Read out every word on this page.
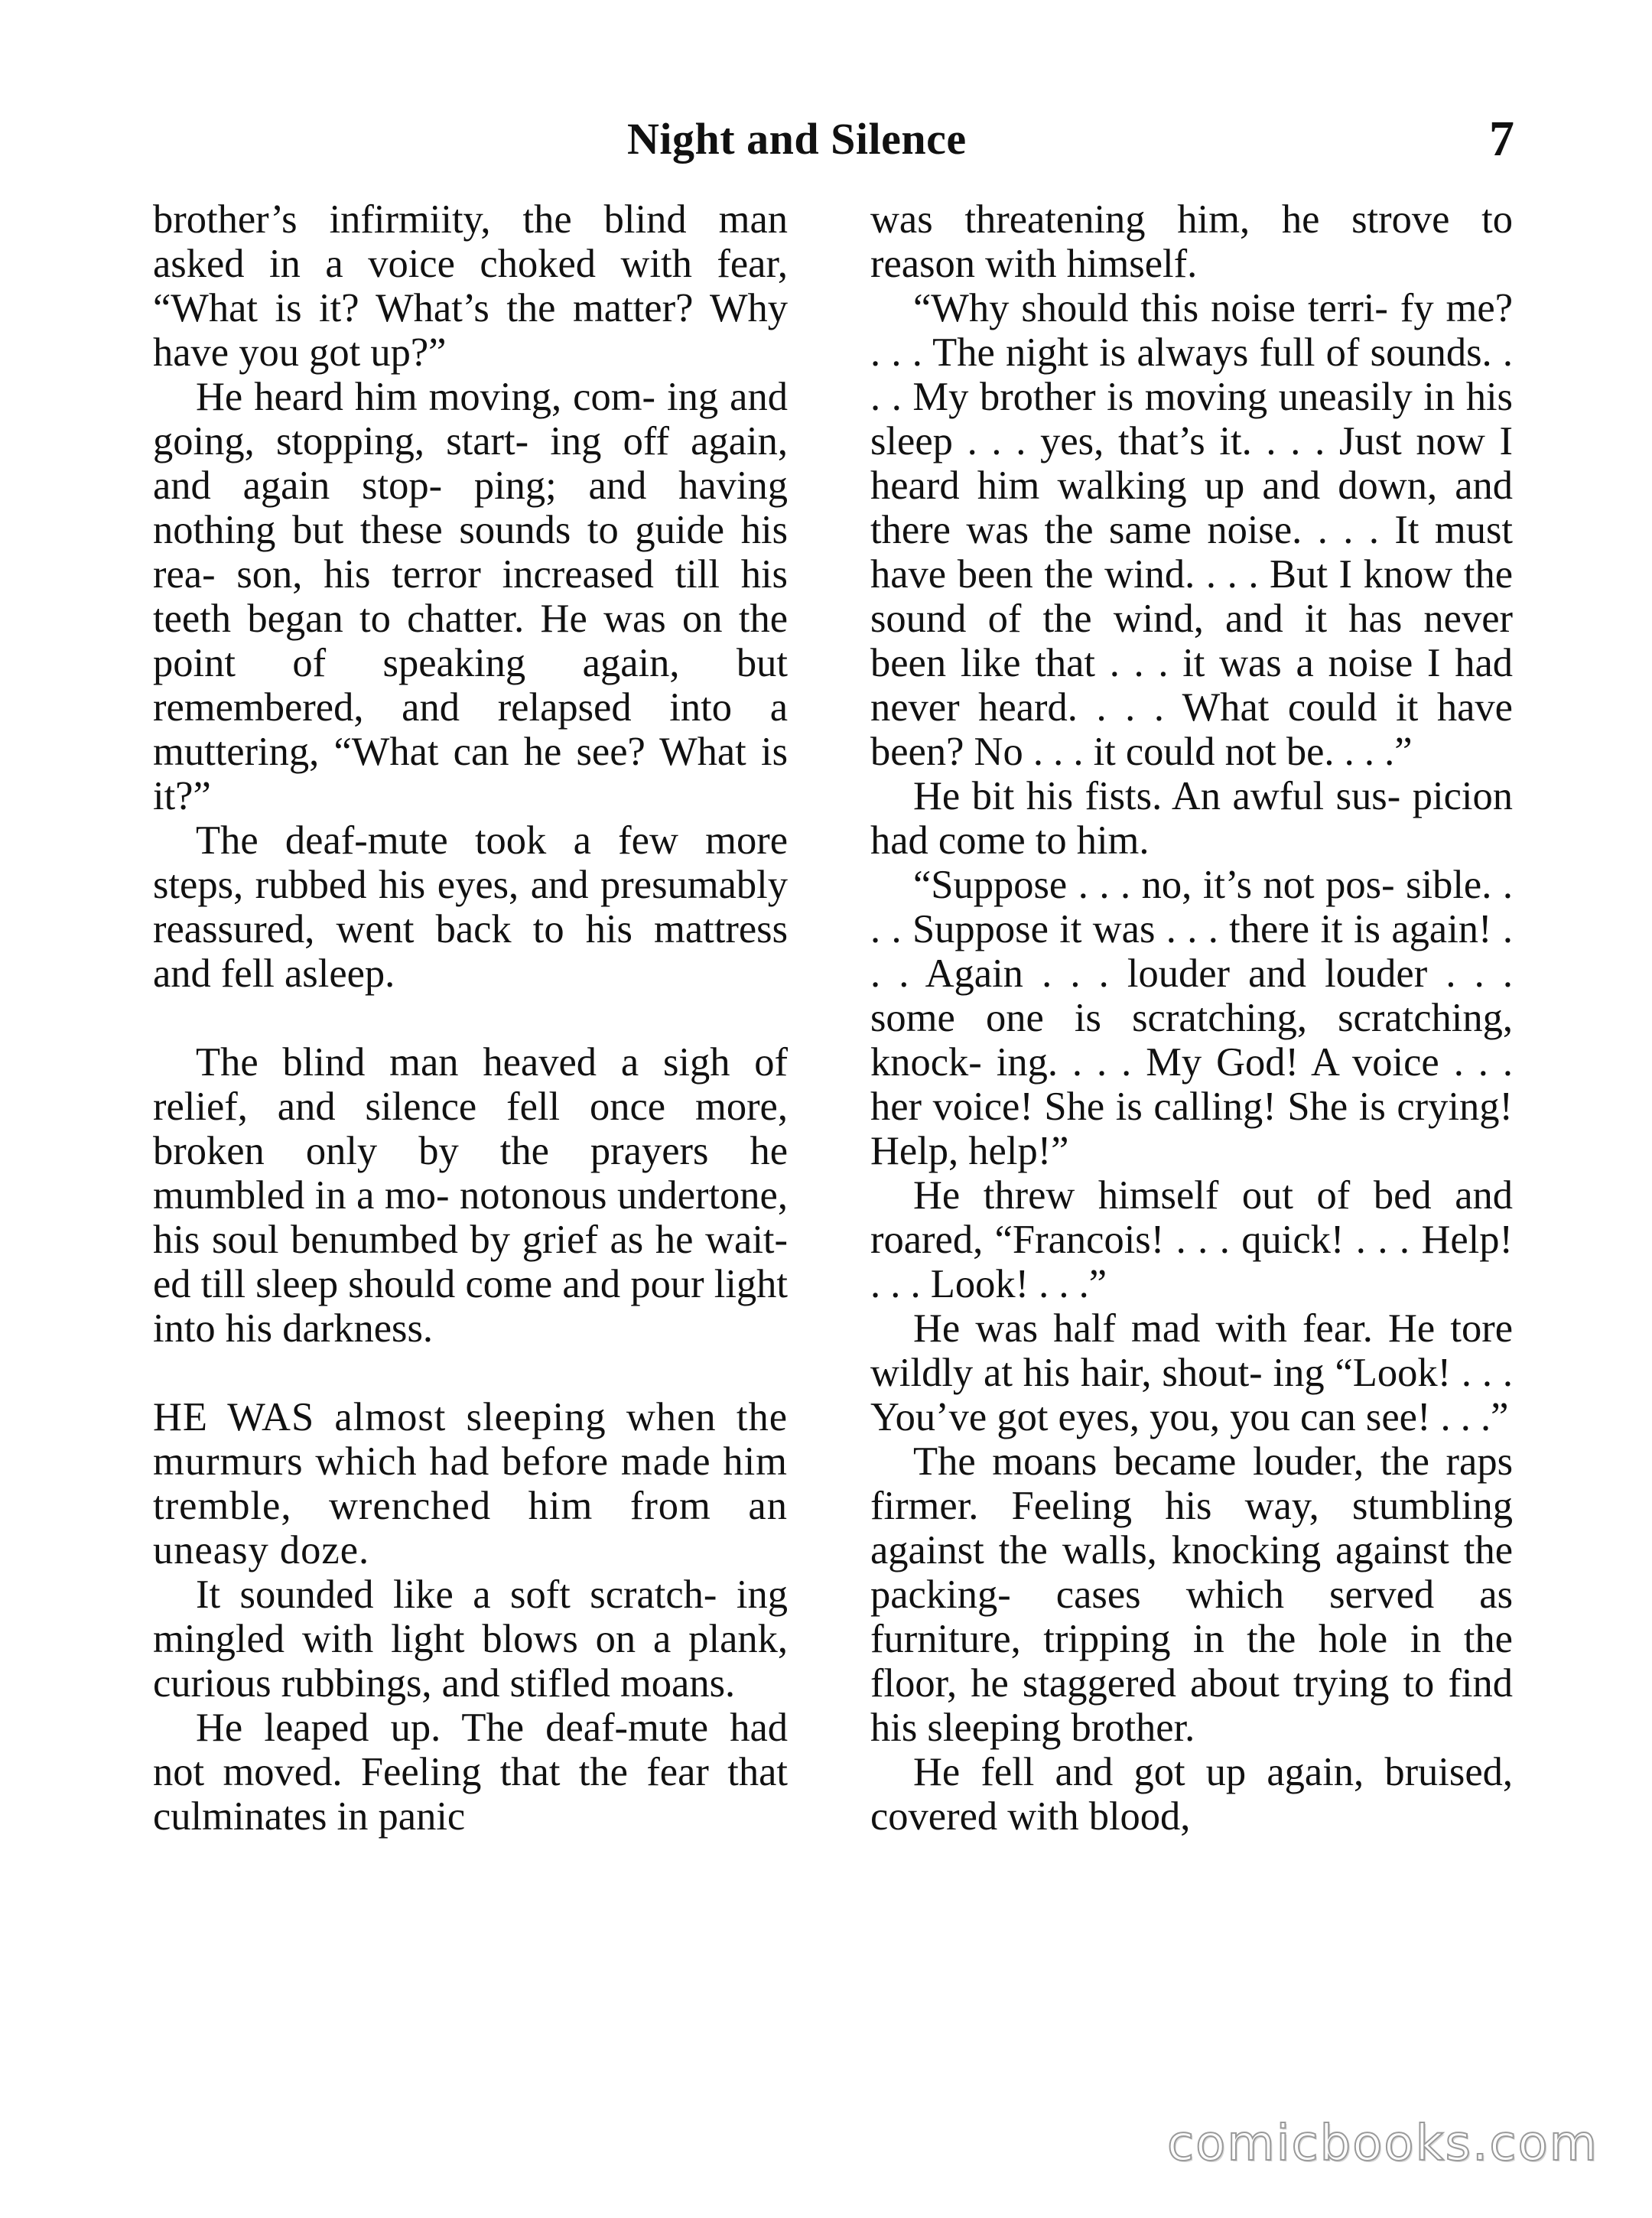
Night and Silence	7

brother’s infirmiity, the blind man asked in a voice choked with fear, “What is it? What’s the matter? Why have you got up?”

He heard him moving, com- ing and going, stopping, start- ing off again, and again stop- ping; and having nothing but these sounds to guide his rea- son, his terror increased till his teeth began to chatter. He was on the point of speaking again, but remembered, and relapsed into a muttering, “What can he see? What is it?”

The deaf-mute took a few more steps, rubbed his eyes, and presumably reassured, went back to his mattress and fell asleep.

The blind man heaved a sigh of relief, and silence fell once more, broken only by the prayers he mumbled in a mo- notonous undertone, his soul benumbed by grief as he wait- ed till sleep should come and pour light into his darkness.

HE WAS almost sleeping when the murmurs which had before made him tremble, wrenched him from an uneasy doze.

It sounded like a soft scratch- ing mingled with light blows on a plank, curious rubbings, and stifled moans.

He leaped up. The deaf-mute had not moved. Feeling that the fear that culminates in panic

was threatening him, he strove to reason with himself.

“Why should this noise terri- fy me? . . . The night is always full of sounds. . . . My brother is moving uneasily in his sleep . . . yes, that’s it. . . . Just now I heard him walking up and down, and there was the same noise. . . . It must have been the wind. . . . But I know the sound of the wind, and it has never been like that . . . it was a noise I had never heard. . . . What could it have been? No . . . it could not be. . . .”

He bit his fists. An awful sus- picion had come to him.

“Suppose . . . no, it’s not pos- sible. . . . Suppose it was . . . there it is again! . . . Again . . . louder and louder . . . some one is scratching, scratching, knock- ing. . . . My God! A voice . . . her voice! She is calling! She is crying! Help, help!”

He threw himself out of bed and roared, “Francois! . . . quick! . . . Help! . . . Look! . . .”

He was half mad with fear. He tore wildly at his hair, shout- ing “Look! . . . You’ve got eyes, you, you can see! . . .”

The moans became louder, the raps firmer. Feeling his way, stumbling against the walls, knocking against the packing- cases which served as furniture, tripping in the hole in the floor, he staggered about trying to find his sleeping brother.

He fell and got up again, bruised, covered with blood,

comicbooks.com
